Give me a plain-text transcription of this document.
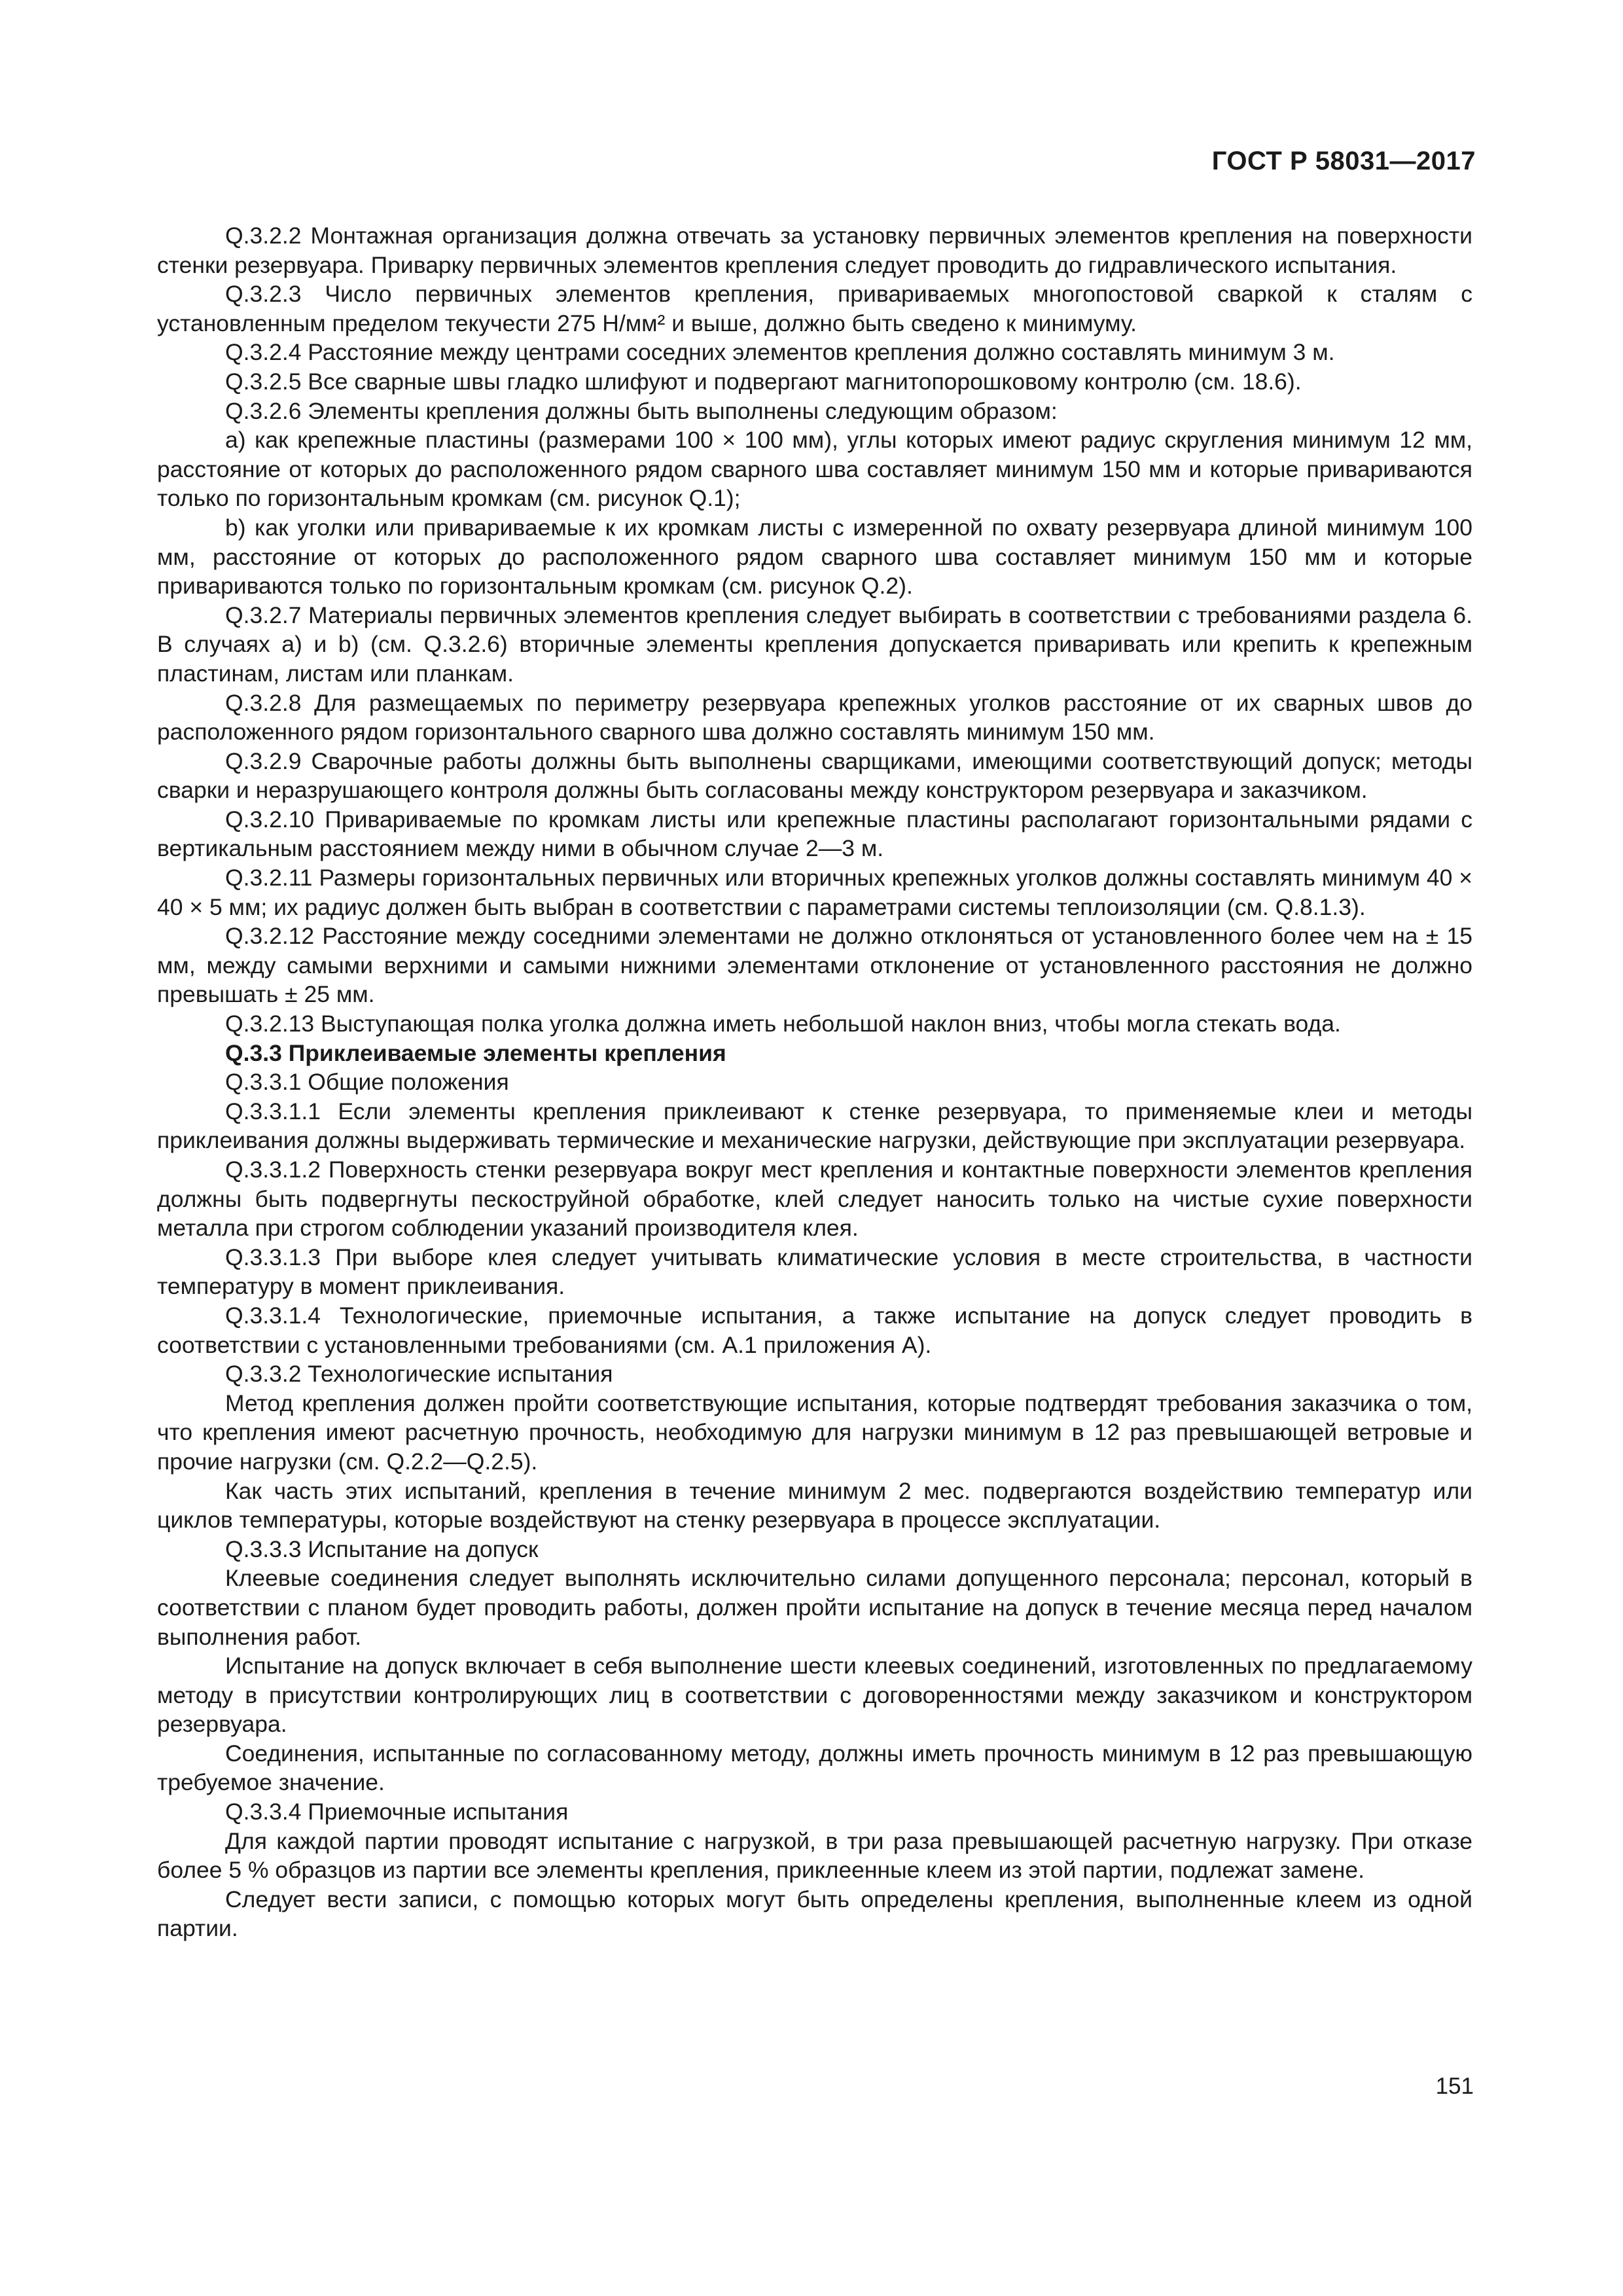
ГОСТ Р 58031—2017

Q.3.2.2 Монтажная организация должна отвечать за установку первичных элементов крепления на поверхности стенки резервуара. Приварку первичных элементов крепления следует проводить до гидравлического испытания.

Q.3.2.3 Число первичных элементов крепления, привариваемых многопостовой сваркой к сталям с установленным пределом текучести 275 Н/мм² и выше, должно быть сведено к минимуму.

Q.3.2.4 Расстояние между центрами соседних элементов крепления должно составлять минимум 3 м.

Q.3.2.5 Все сварные швы гладко шлифуют и подвергают магнитопорошковому контролю (см. 18.6).

Q.3.2.6 Элементы крепления должны быть выполнены следующим образом:

a) как крепежные пластины (размерами 100 × 100 мм), углы которых имеют радиус скругления минимум 12 мм, расстояние от которых до расположенного рядом сварного шва составляет минимум 150 мм и которые привариваются только по горизонтальным кромкам (см. рисунок Q.1);

b) как уголки или привариваемые к их кромкам листы с измеренной по охвату резервуара длиной минимум 100 мм, расстояние от которых до расположенного рядом сварного шва составляет минимум 150 мм и которые привариваются только по горизонтальным кромкам (см. рисунок Q.2).

Q.3.2.7 Материалы первичных элементов крепления следует выбирать в соответствии с требованиями раздела 6. В случаях a) и b) (см. Q.3.2.6) вторичные элементы крепления допускается приваривать или крепить к крепежным пластинам, листам или планкам.

Q.3.2.8 Для размещаемых по периметру резервуара крепежных уголков расстояние от их сварных швов до расположенного рядом горизонтального сварного шва должно составлять минимум 150 мм.

Q.3.2.9 Сварочные работы должны быть выполнены сварщиками, имеющими соответствующий допуск; методы сварки и неразрушающего контроля должны быть согласованы между конструктором резервуара и заказчиком.

Q.3.2.10 Привариваемые по кромкам листы или крепежные пластины располагают горизонтальными рядами с вертикальным расстоянием между ними в обычном случае 2—3 м.

Q.3.2.11 Размеры горизонтальных первичных или вторичных крепежных уголков должны составлять минимум 40 × 40 × 5 мм; их радиус должен быть выбран в соответствии с параметрами системы теплоизоляции (см. Q.8.1.3).

Q.3.2.12 Расстояние между соседними элементами не должно отклоняться от установленного более чем на ± 15 мм, между самыми верхними и самыми нижними элементами отклонение от установленного расстояния не должно превышать ± 25 мм.

Q.3.2.13 Выступающая полка уголка должна иметь небольшой наклон вниз, чтобы могла стекать вода.

Q.3.3 Приклеиваемые элементы крепления

Q.3.3.1 Общие положения

Q.3.3.1.1 Если элементы крепления приклеивают к стенке резервуара, то применяемые клеи и методы приклеивания должны выдерживать термические и механические нагрузки, действующие при эксплуатации резервуара.

Q.3.3.1.2 Поверхность стенки резервуара вокруг мест крепления и контактные поверхности элементов крепления должны быть подвергнуты пескоструйной обработке, клей следует наносить только на чистые сухие поверхности металла при строгом соблюдении указаний производителя клея.

Q.3.3.1.3 При выборе клея следует учитывать климатические условия в месте строительства, в частности температуру в момент приклеивания.

Q.3.3.1.4 Технологические, приемочные испытания, а также испытание на допуск следует проводить в соответствии с установленными требованиями (см. А.1 приложения А).

Q.3.3.2 Технологические испытания

Метод крепления должен пройти соответствующие испытания, которые подтвердят требования заказчика о том, что крепления имеют расчетную прочность, необходимую для нагрузки минимум в 12 раз превышающей ветровые и прочие нагрузки (см. Q.2.2—Q.2.5).

Как часть этих испытаний, крепления в течение минимум 2 мес. подвергаются воздействию температур или циклов температуры, которые воздействуют на стенку резервуара в процессе эксплуатации.

Q.3.3.3 Испытание на допуск

Клеевые соединения следует выполнять исключительно силами допущенного персонала; персонал, который в соответствии с планом будет проводить работы, должен пройти испытание на допуск в течение месяца перед началом выполнения работ.

Испытание на допуск включает в себя выполнение шести клеевых соединений, изготовленных по предлагаемому методу в присутствии контролирующих лиц в соответствии с договоренностями между заказчиком и конструктором резервуара.

Соединения, испытанные по согласованному методу, должны иметь прочность минимум в 12 раз превышающую требуемое значение.

Q.3.3.4 Приемочные испытания

Для каждой партии проводят испытание с нагрузкой, в три раза превышающей расчетную нагрузку. При отказе более 5 % образцов из партии все элементы крепления, приклеенные клеем из этой партии, подлежат замене.

Следует вести записи, с помощью которых могут быть определены крепления, выполненные клеем из одной партии.

151
